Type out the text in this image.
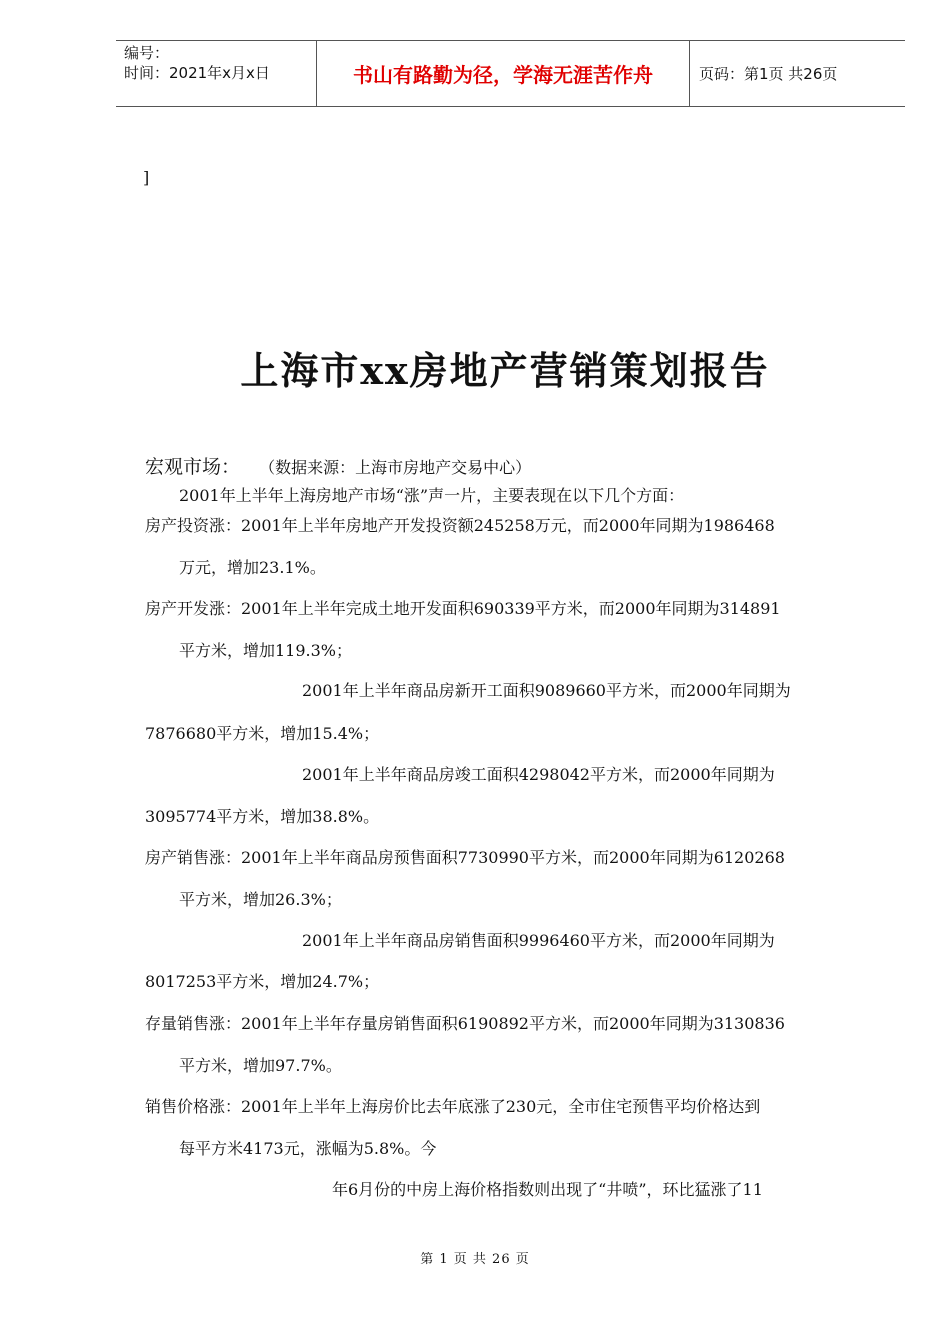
编号：
时间：2021年x月x日	书山有路勤为径，学海无涯苦作舟	页码：第1页 共26页
]
上海市xx房地产营销策划报告
宏观市场： （数据来源：上海市房地产交易中心）
2001年上半年上海房地产市场“涨”声一片，主要表现在以下几个方面：
房产投资涨：2001年上半年房地产开发投资额245258万元，而2000年同期为1986468
万元，增加23.1%。
房产开发涨：2001年上半年完成土地开发面积690339平方米，而2000年同期为314891
平方米，增加119.3%；
2001年上半年商品房新开工面积9089660平方米，而2000年同期为
7876680平方米，增加15.4%；
2001年上半年商品房竣工面积4298042平方米，而2000年同期为
3095774平方米，增加38.8%。
房产销售涨：2001年上半年商品房预售面积7730990平方米，而2000年同期为6120268
平方米，增加26.3%；
2001年上半年商品房销售面积9996460平方米，而2000年同期为
8017253平方米，增加24.7%；
存量销售涨：2001年上半年存量房销售面积6190892平方米，而2000年同期为3130836
平方米，增加97.7%。
销售价格涨：2001年上半年上海房价比去年底涨了230元，全市住宅预售平均价格达到
每平方米4173元，涨幅为5.8%。今
年6月份的中房上海价格指数则出现了“井喷”，环比猛涨了11
第 1 页 共 26 页
